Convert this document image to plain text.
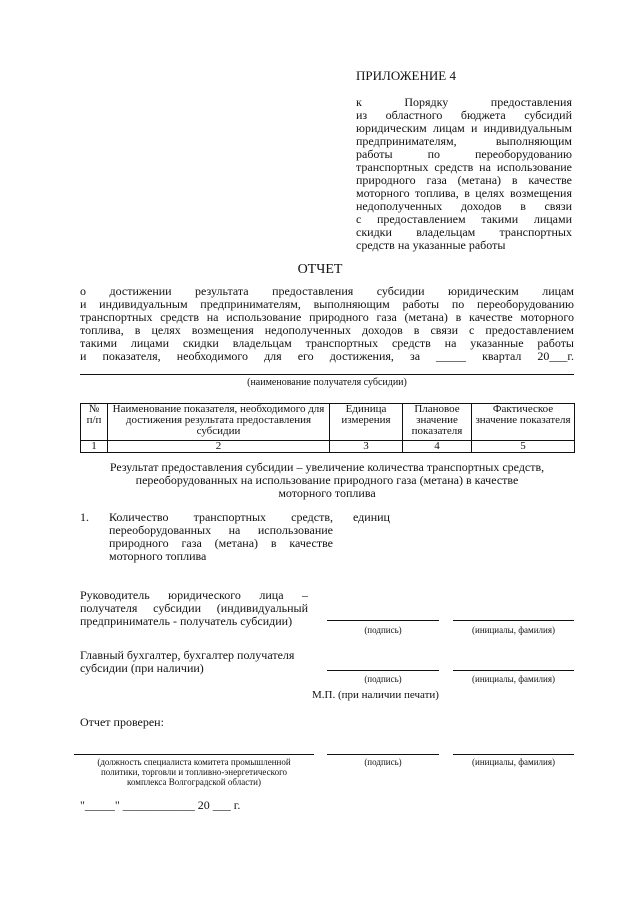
ПРИЛОЖЕНИЕ 4
к Порядку предоставления
из областного бюджета субсидий
юридическим лицам и индивидуальным
предпринимателям, выполняющим
работы по переоборудованию
транспортных средств на использование
природного газа (метана) в качестве
моторного топлива, в целях возмещения
недополученных доходов в связи
с предоставлением такими лицами
скидки владельцам транспортных
средств на указанные работы
ОТЧЕТ
о достижении результата предоставления субсидии юридическим лицам
и индивидуальным предпринимателям, выполняющим работы по переоборудованию
транспортных средств на использование природного газа (метана) в качестве моторного
топлива, в целях возмещения недополученных доходов в связи с предоставлением
такими лицами скидки владельцам транспортных средств на указанные работы
и показателя, необходимого для его достижения, за _____ квартал 20___г.
(наименование получателя субсидии)
№ п/п	Наименование показателя, необходимого для достижения результата предоставления субсидии	Единица измерения	Плановое значение показателя	Фактическое значение показателя
1	2	3	4	5
Результат предоставления субсидии – увеличение количества транспортных средств,
переоборудованных на использование природного газа (метана) в качестве
моторного топлива
1. Количество транспортных средств,
переоборудованных на использование
природного газа (метана) в качестве
моторного топлива
единиц
Руководитель юридического лица –
получателя субсидии (индивидуальный
предприниматель - получатель субсидии)
(подпись)	(инициалы, фамилия)
Главный бухгалтер, бухгалтер получателя
субсидии (при наличии)
(подпись)	(инициалы, фамилия)
М.П. (при наличии печати)
Отчет проверен:
(должность специалиста комитета промышленной
политики, торговли и топливно-энергетического
комплекса Волгоградской области)
(подпись)	(инициалы, фамилия)
"_____" ____________ 20 ___ г.
